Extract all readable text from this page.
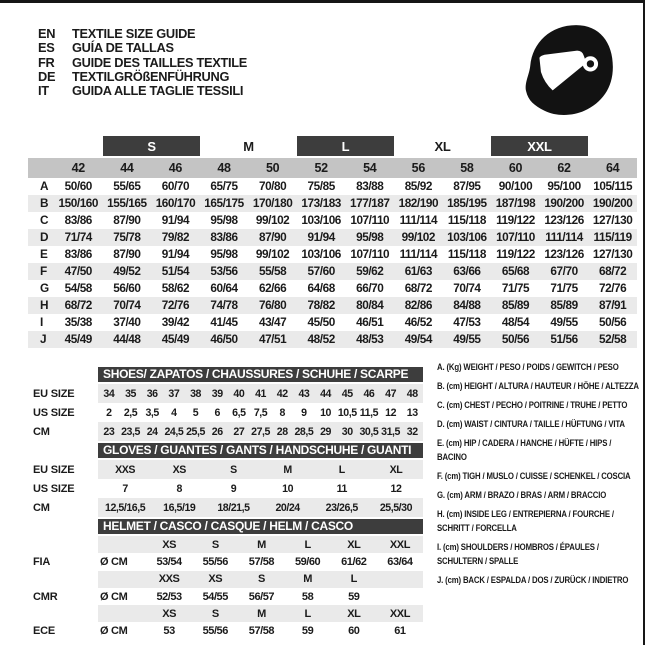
EN	TEXTILE SIZE GUIDE
ES	GUÍA DE TALLAS
FR	GUIDE DES TAILLES TEXTILE
DE	TEXTILGRÖßENFÜHRUNG
IT	GUIDA ALLE TAGLIE TESSILI
S	M	L	XL	XXL
42	44	46	48	50	52	54	56	58	60	62	64
A	50/60	55/65	60/70	65/75	70/80	75/85	83/88	85/92	87/95	90/100	95/100	105/115
B 150/160 155/165 160/170 165/175 170/180 173/183 177/187 182/190 185/195 187/198 190/200 190/200
C	83/86	87/90	91/94	95/98	99/102	103/106 107/110 111/114 115/118 119/122 123/126 127/130
D	71/74	75/78	79/82	83/86	87/90	91/94	95/98	99/102	103/106 107/110 111/114 115/119
E	83/86	87/90	91/94	95/98	99/102	103/106 107/110 111/114 115/118 119/122 123/126 127/130
F	47/50	49/52	51/54	53/56	55/58	57/60	59/62	61/63	63/66	65/68	67/70	68/72
G	54/58	56/60	58/62	60/64	62/66	64/68	66/70	68/72	70/74	71/75	71/75	72/76
H	68/72	70/74	72/76	74/78	76/80	78/82	80/84	82/86	84/88	85/89	85/89	87/91
I	35/38	37/40	39/42	41/45	43/47	45/50	46/51	46/52	47/53	48/54	49/55	50/56
J	45/49	44/48	45/49	46/50	47/51	48/52	48/53	49/54	49/55	50/56	51/56	52/58
SHOES/ ZAPATOS / CHAUSSURES / SCHUHE / SCARPE
EU SIZE	34	35	36	37	38	39	40	41	42	43	44	45	46	47	48
US SIZE	2	2,5 3,5	4	5	6	6,5 7,5	8	9	10 10,5 11,5 12	13
CM	23 23,5 24 24,5 25,5 26	27 27,5 28 28,5 29	30 30,5 31,5 32
GLOVES / GUANTES / GANTS / HANDSCHUHE / GUANTI
EU SIZE	XXS	XS	S	M	L	XL
US SIZE	7	8	9	10	11	12
CM	12,5/16,5	16,5/19	18/21,5	20/24	23/26,5	25,5/30
HELMET / CASCO / CASQUE / HELM / CASCO
XS	S	M	L	XL	XXL
FIA	Ø CM	53/54	55/56	57/58	59/60	61/62	63/64
XXS	XS	S	M	L
CMR	Ø CM	52/53	54/55	56/57	58	59
XS	S	M	L	XL	XXL
ECE	Ø CM	53	55/56	57/58	59	60	61
A. (Kg) WEIGHT / PESO / POIDS / GEWITCH / PESO
B. (cm) HEIGHT / ALTURA / HAUTEUR / HÖHE / ALTEZZA
C. (cm) CHEST / PECHO / POITRINE / TRUHE / PETTO
D. (cm) WAIST / CINTURA / TAILLE / HÜFTUNG / VITA
E. (cm) HIP / CADERA / HANCHE / HÜFTE / HIPS / BACINO
F. (cm) TIGH / MUSLO / CUISSE / SCHENKEL / COSCIA
G. (cm) ARM / BRAZO / BRAS / ARM / BRACCIO
H. (cm) INSIDE LEG / ENTREPIERNA / FOURCHE / SCHRITT / FORCELLA
I. (cm) SHOULDERS / HOMBROS / ÉPAULES / SCHULTERN / SPALLE
J. (cm) BACK / ESPALDA / DOS / ZURÜCK / INDIETRO
